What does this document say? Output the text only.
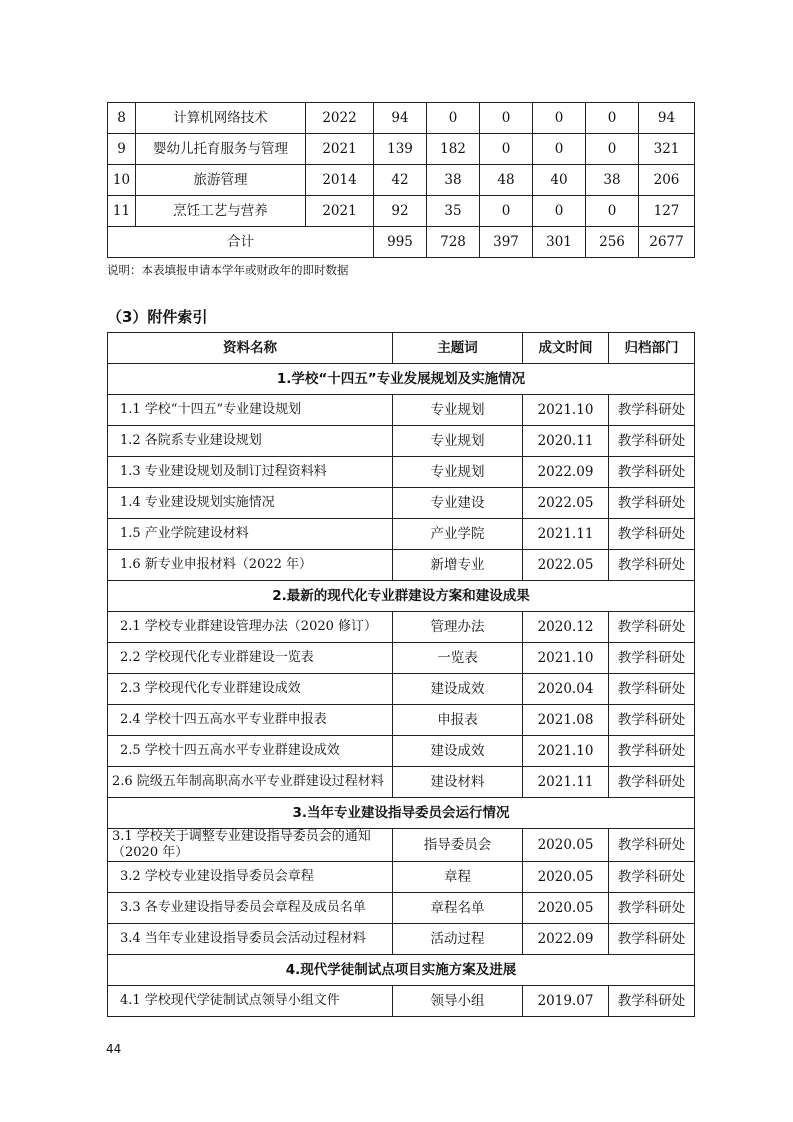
8	计算机网络技术	2022	94	0	0	0	0	94
9	婴幼儿托育服务与管理	2021	139	182	0	0	0	321
10	旅游管理	2014	42	38	48	40	38	206
11	烹饪工艺与营养	2021	92	35	0	0	0	127
合计			995	728	397	301	256	2677
说明：本表填报申请本学年或财政年的即时数据
（3）附件索引
资料名称	主题词	成文时间	归档部门
1.学校“十四五”专业发展规划及实施情况			
1.1 学校“十四五”专业建设规划	专业规划	2021.10	教学科研处
1.2 各院系专业建设规划	专业规划	2020.11	教学科研处
1.3 专业建设规划及制订过程资料料	专业规划	2022.09	教学科研处
1.4 专业建设规划实施情况	专业建设	2022.05	教学科研处
1.5 产业学院建设材料	产业学院	2021.11	教学科研处
1.6 新专业申报材料（2022 年）	新增专业	2022.05	教学科研处
2.最新的现代化专业群建设方案和建设成果			
2.1 学校专业群建设管理办法（2020 修订）	管理办法	2020.12	教学科研处
2.2 学校现代化专业群建设一览表	一览表	2021.10	教学科研处
2.3 学校现代化专业群建设成效	建设成效	2020.04	教学科研处
2.4 学校十四五高水平专业群申报表	申报表	2021.08	教学科研处
2.5 学校十四五高水平专业群建设成效	建设成效	2021.10	教学科研处
2.6 院级五年制高职高水平专业群建设过程材料	建设材料	2021.11	教学科研处
3.当年专业建设指导委员会运行情况			
3.1 学校关于调整专业建设指导委员会的通知（2020 年）	指导委员会	2020.05	教学科研处
3.2 学校专业建设指导委员会章程	章程	2020.05	教学科研处
3.3 各专业建设指导委员会章程及成员名单	章程名单	2020.05	教学科研处
3.4 当年专业建设指导委员会活动过程材料	活动过程	2022.09	教学科研处
4.现代学徒制试点项目实施方案及进展			
4.1 学校现代学徒制试点领导小组文件	领导小组	2019.07	教学科研处
44
